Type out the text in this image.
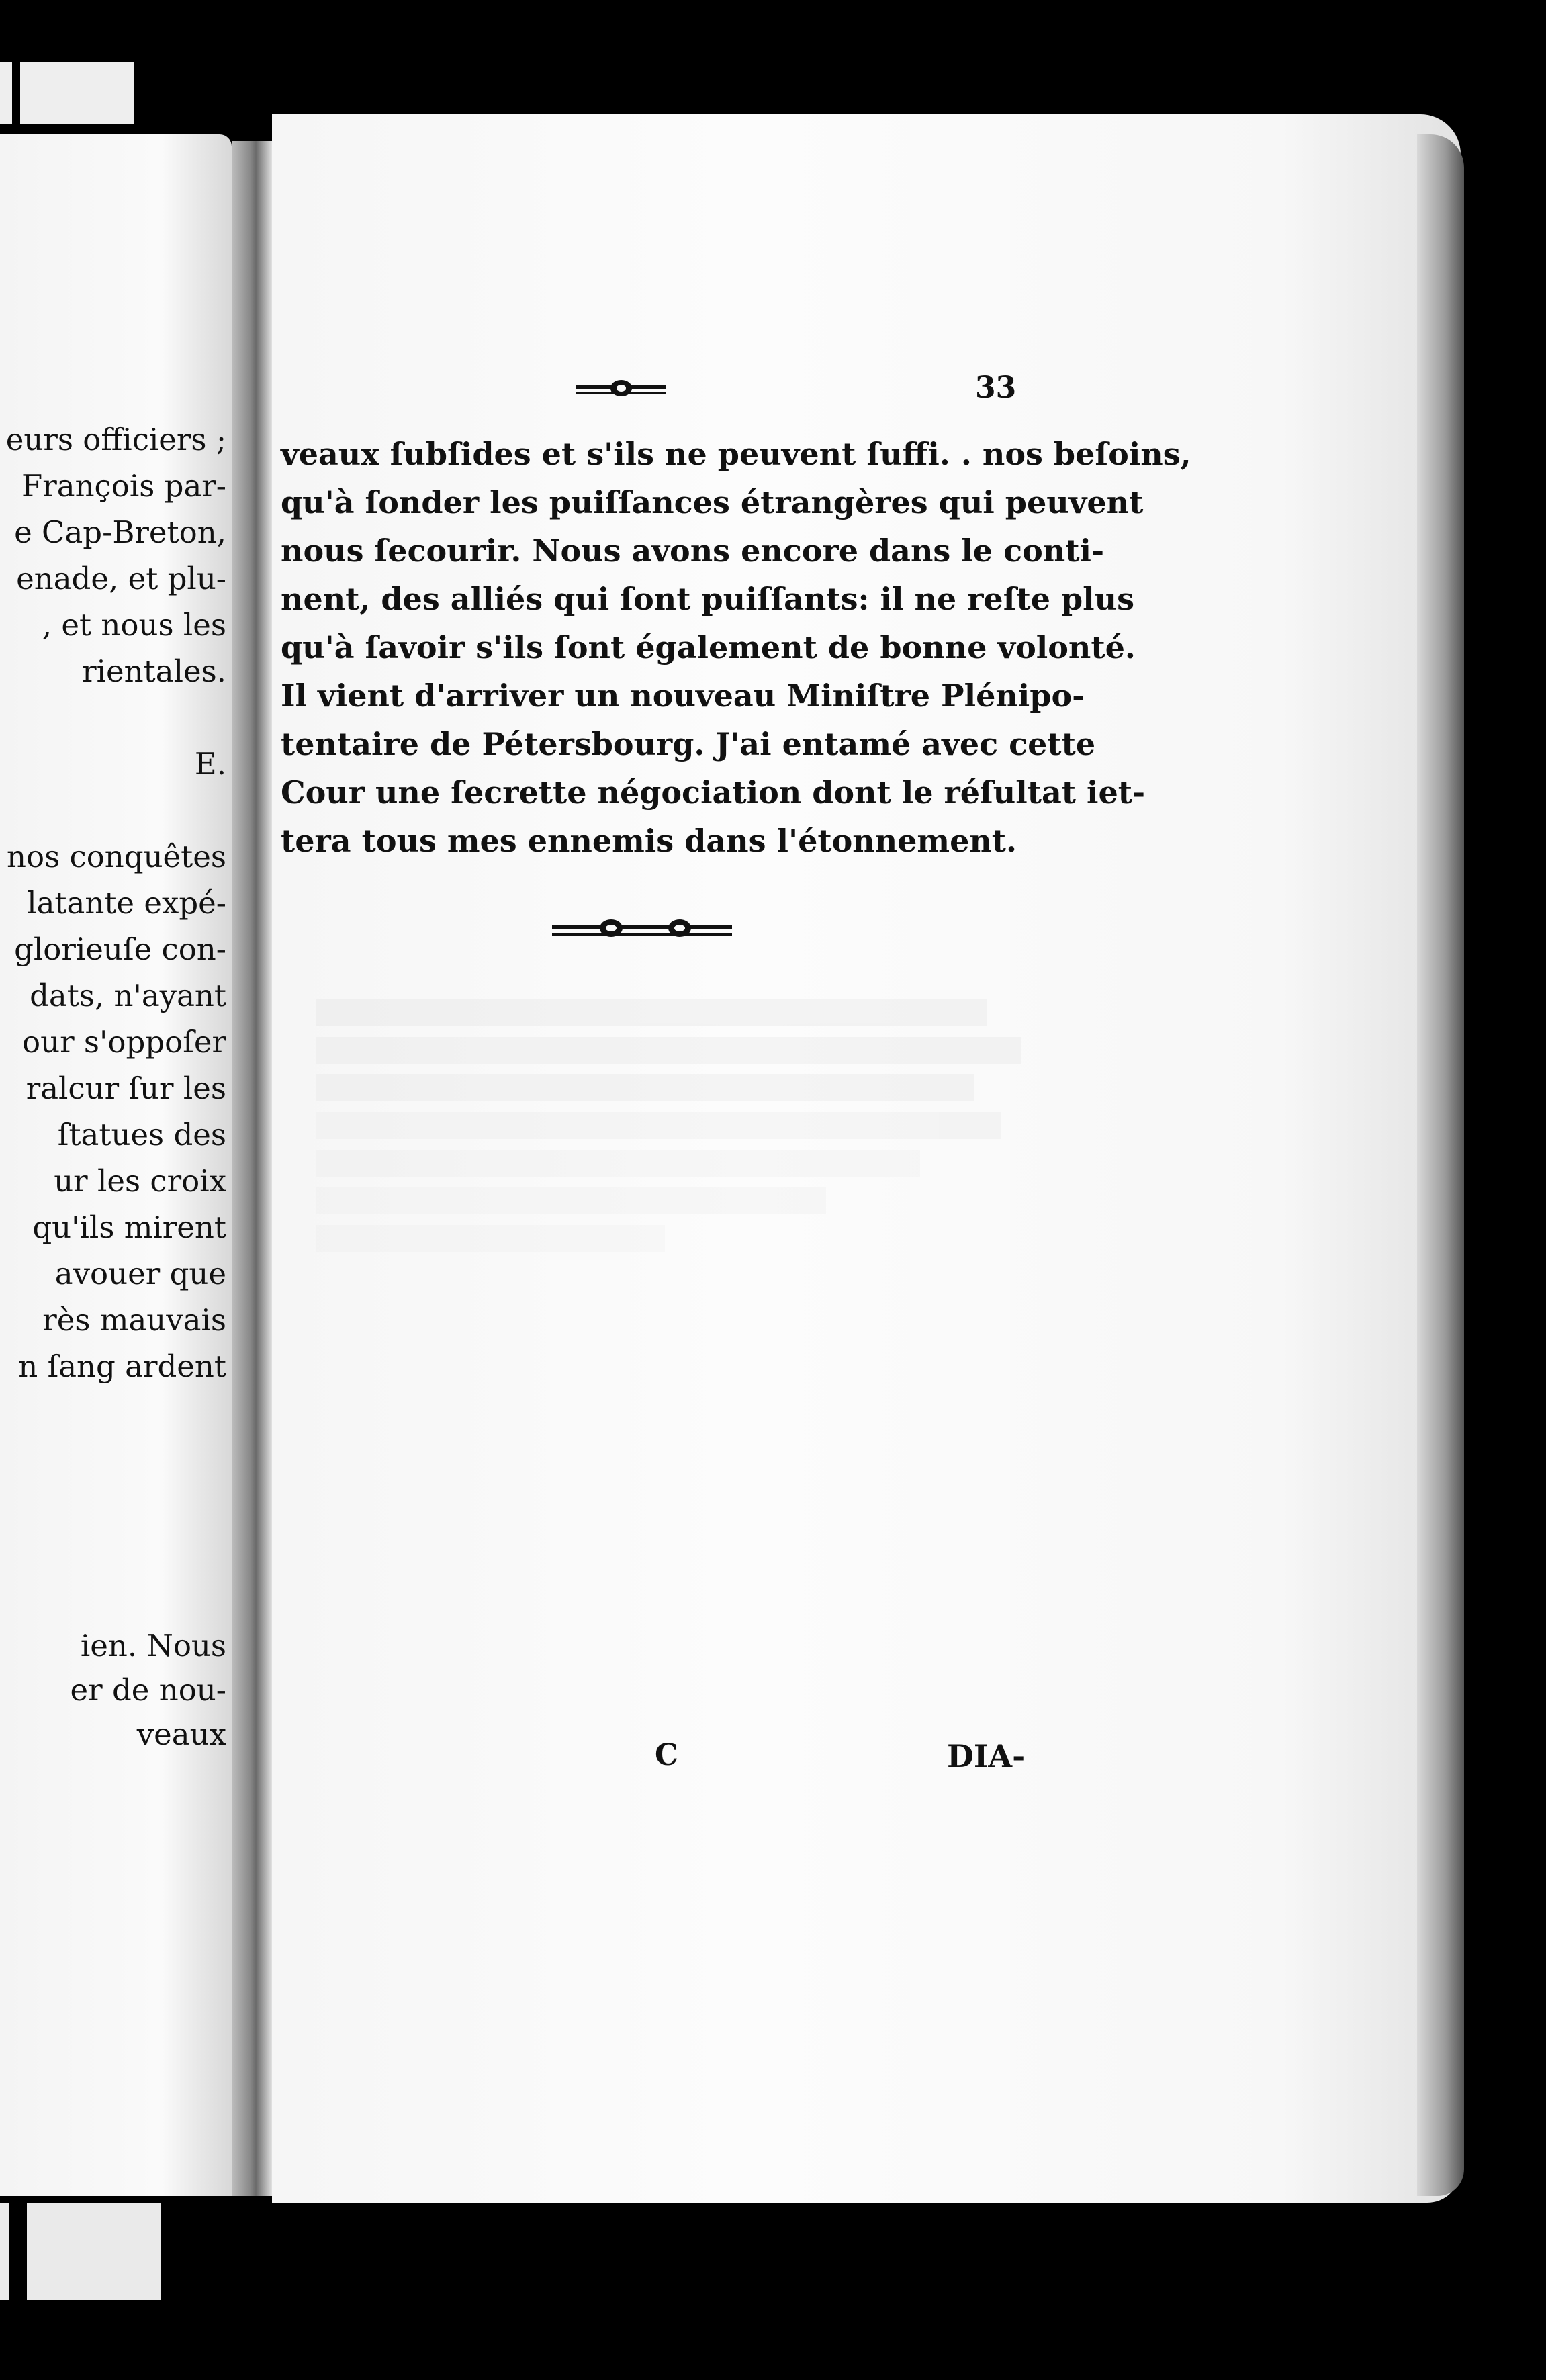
eurs officiers ;
François par-
e Cap-Breton,
enade, et plu-
, et nous les
rientales.
E.
nos conquêtes
latante expé-
glorieuſe con-
dats, n'ayant
our s'oppoſer
ralcur ſur les
ſtatues des
ur les croix
qu'ils mirent
avouer que
rès mauvais
n ſang ardent
ien. Nous
er de nou-
veaux
33
veaux ſubſides et s'ils ne peuvent ſuffi. . nos beſoins,
qu'à ſonder les puiſſances étrangères qui peuvent
nous ſecourir. Nous avons encore dans le conti-
nent, des alliés qui ſont puiſſants: il ne reſte plus
qu'à ſavoir s'ils ſont également de bonne volonté.
Il vient d'arriver un nouveau Miniſtre Plénipo-
tentaire de Pétersbourg. J'ai entamé avec cette
Cour une ſecrette négociation dont le réſultat iet-
tera tous mes ennemis dans l'étonnement.
C	DIA-
